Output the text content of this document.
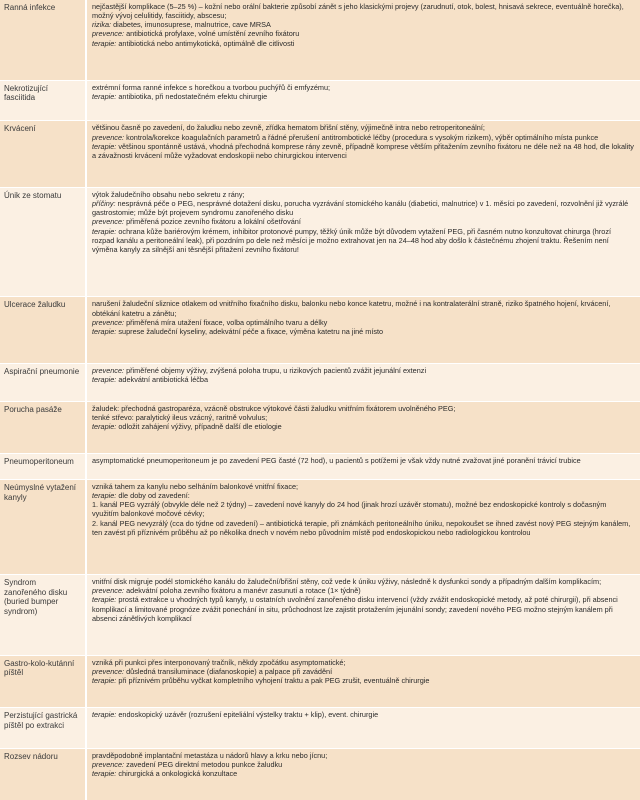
Ranná infekce	nejčastější komplikace (5–25 %) – kožní nebo orální bakterie způsobí zánět s jeho klasickými projevy (zarudnutí, otok, bolest, hnisavá sekrece, eventuálně horečka), možný vývoj celulitidy, fasciitidy, abscesu;
rizika: diabetes, imunosuprese, malnutrice, cave MRSA
prevence: antibiotická profylaxe, volné umístění zevního fixátoru
terapie: antibiotická nebo antimykotická, optimálně dle citlivosti

Nekrotizující fasciitida	extrémní forma ranné infekce s horečkou a tvorbou puchýřů či emfyzému;
terapie: antibiotika, při nedostatečném efektu chirurgie

Krvácení	většinou časně po zavedení, do žaludku nebo zevně, zřídka hematom břišní stěny, výjimečně intra nebo retroperitoneální;
prevence: kontrola/korekce koagulačních parametrů a řádné přerušení antitrombotické léčby (procedura s vysokým rizikem), výběr optimálního místa punkce
terapie: většinou spontánně ustává, vhodná přechodná komprese rány zevně, případně komprese větším přitažením zevního fixátoru ne déle než na 48 hod, dle lokality a závažnosti krvácení může vyžadovat endoskopii nebo chirurgickou intervenci

Únik ze stomatu	výtok žaludečního obsahu nebo sekretu z rány;
příčiny: nesprávná péče o PEG, nesprávné dotažení disku, porucha vyzrávání stomického kanálu (diabetici, malnutrice) v 1. měsíci po zavedení, rozvolnění již vyzrálé gastrostomie; může být projevem syndromu zanořeného disku
prevence: přiměřená pozice zevního fixátoru a lokální ošetřování
terapie: ochrana kůže bariérovým krémem, inhibitor protonové pumpy, těžký únik může být důvodem vytažení PEG, při časném nutno konzultovat chirurga (hrozí rozpad kanálu a peritoneální leak), při pozdním po dele než měsíci je možno extrahovat jen na 24–48 hod aby došlo k částečnému zhojení traktu. Řešením není výměna kanyly za silnější ani těsnější přitažení zevního fixátoru!

Ulcerace žaludku	narušení žaludeční sliznice otlakem od vnitřního fixačního disku, balonku nebo konce katetru, možné i na kontralaterální straně, riziko špatného hojení, krvácení, obtékání katetru a zánětu;
prevence: přiměřená míra utažení fixace, volba optimálního tvaru a délky
terapie: suprese žaludeční kyseliny, adekvátní péče a fixace, výměna katetru na jiné místo

Aspirační pneumonie	prevence: přiměřené objemy výživy, zvýšená poloha trupu, u rizikových pacientů zvážit jejunální extenzi
terapie: adekvátní antibiotická léčba

Porucha pasáže	žaludek: přechodná gastroparéza, vzácně obstrukce výtokové části žaludku vnitřním fixátorem uvolněného PEG;
tenké střevo: paralytický ileus vzácný, raritně volvulus;
terapie: odložit zahájení výživy, případně další dle etiologie

Pneumoperitoneum	asymptomatické pneumoperitoneum je po zavedení PEG časté (72 hod), u pacientů s potížemi je však vždy nutné zvažovat jiné poranění trávicí trubice

Neúmyslné vytažení kanyly	vzniká tahem za kanylu nebo selháním balonkové vnitřní fixace;
terapie: dle doby od zavedení:
1. kanál PEG vyzrálý (obvykle déle než 2 týdny) – zavedení nové kanyly do 24 hod (jinak hrozí uzávěr stomatu), možné bez endoskopické kontroly s dočasným využitím balonkové močové cévky;
2. kanál PEG nevyzrálý (cca do týdne od zavedení) – antibiotická terapie, při známkách peritoneálního úniku, nepokoušet se ihned zavést nový PEG stejným kanálem, ten zavést při příznivém průběhu až po několika dnech v novém nebo původním místě pod endoskopickou nebo radiologickou kontrolou

Syndrom zanořeného disku (buried bumper syndrom)	vnitřní disk migruje podél stomického kanálu do žaludeční/břišní stěny, což vede k úniku výživy, následně k dysfunkci sondy a případným dalším komplikacím;
prevence: adekvátní poloha zevního fixátoru a manévr zasunutí a rotace (1× týdně)
terapie: prostá extrakce u vhodných typů kanyly, u ostatních uvolnění zanořeného disku intervencí (vždy zvážit endoskopické metody, až poté chirurgii), při absenci komplikací a limitované prognóze zvážit ponechání in situ, průchodnost lze zajistit protažením jejunální sondy; zavedení nového PEG možno stejným kanálem při absenci zánětlivých komplikací

Gastro-kolo-kutánní píštěl	vzniká při punkci přes interponovaný tračník, někdy zpočátku asymptomatické;
prevence: důsledná transiluminace (diafanoskopie) a palpace při zavádění
terapie: při příznivém průběhu vyčkat kompletního vyhojení traktu a pak PEG zrušit, eventuálně chirurgie

Perzistující gastrická píštěl po extrakci	terapie: endoskopický uzávěr (rozrušení epiteliální výstelky traktu + klip), event. chirurgie

Rozsev nádoru	pravděpodobně implantační metastáza u nádorů hlavy a krku nebo jícnu;
prevence: zavedení PEG direktní metodou punkce žaludku
terapie: chirurgická a onkologická konzultace
